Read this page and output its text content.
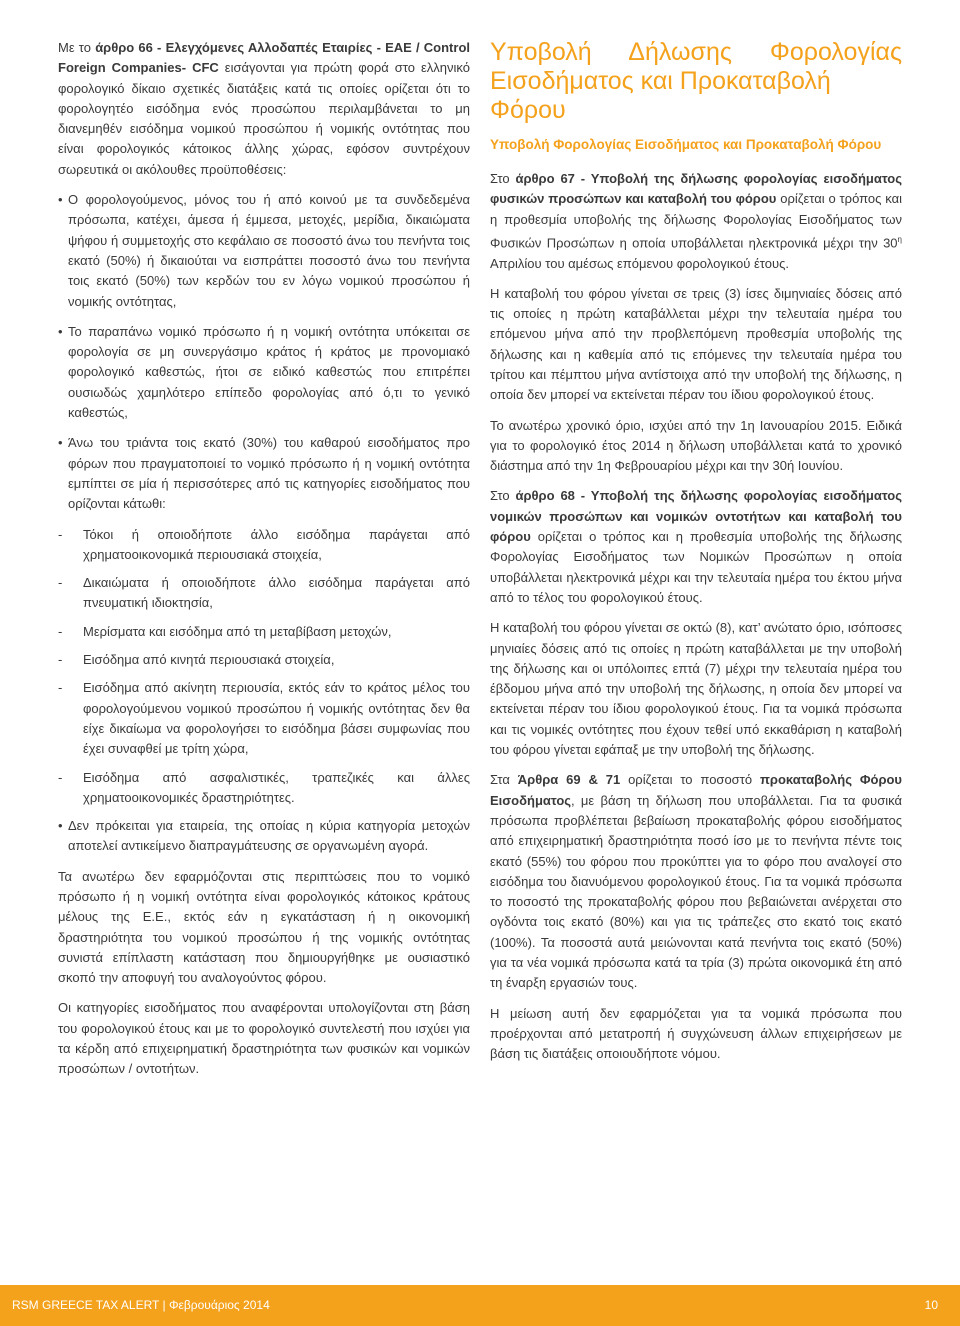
Με το άρθρο 66 - Ελεγχόμενες Αλλοδαπές Εταιρίες - ΕΑΕ / Control Foreign Companies- CFC εισάγονται για πρώτη φορά στο ελληνικό φορολογικό δίκαιο σχετικές διατάξεις κατά τις οποίες ορίζεται ότι το φορολογητέο εισόδημα ενός προσώπου περιλαμβάνεται το μη διανεμηθέν εισόδημα νομικού προσώπου ή νομικής οντότητας που είναι φορολογικός κάτοικος άλλης χώρας, εφόσον συντρέχουν σωρευτικά οι ακόλουθες προϋποθέσεις:

• Ο φορολογούμενος, μόνος του ή από κοινού με τα συνδεδεμένα πρόσωπα, κατέχει, άμεσα ή έμμεσα, μετοχές, μερίδια, δικαιώματα ψήφου ή συμμετοχής στο κεφάλαιο σε ποσοστό άνω του πενήντα τοις εκατό (50%) ή δικαιούται να εισπράττει ποσοστό άνω του πενήντα τοις εκατό (50%) των κερδών του εν λόγω νομικού προσώπου ή νομικής οντότητας,
• Το παραπάνω νομικό πρόσωπο ή η νομική οντότητα υπόκειται σε φορολογία σε μη συνεργάσιμο κράτος ή κράτος με προνομιακό φορολογικό καθεστώς, ήτοι σε ειδικό καθεστώς που επιτρέπει ουσιωδώς χαμηλότερο επίπεδο φορολογίας από ό,τι το γενικό καθεστώς,
• Άνω του τριάντα τοις εκατό (30%) του καθαρού εισοδήματος προ φόρων που πραγματοποιεί το νομικό πρόσωπο ή η νομική οντότητα εμπίπτει σε μία ή περισσότερες από τις κατηγορίες εισοδήματος που ορίζονται κάτωθι:
- Τόκοι ή οποιοδήποτε άλλο εισόδημα παράγεται από χρηματοοικονομικά περιουσιακά στοιχεία,
- Δικαιώματα ή οποιοδήποτε άλλο εισόδημα παράγεται από πνευματική ιδιοκτησία,
- Μερίσματα και εισόδημα από τη μεταβίβαση μετοχών,
- Εισόδημα από κινητά περιουσιακά στοιχεία,
- Εισόδημα από ακίνητη περιουσία, εκτός εάν το κράτος μέλος του φορολογούμενου νομικού προσώπου ή νομικής οντότητας δεν θα είχε δικαίωμα να φορολογήσει το εισόδημα βάσει συμφωνίας που έχει συναφθεί με τρίτη χώρα,
- Εισόδημα από ασφαλιστικές, τραπεζικές και άλλες χρηματοοικονομικές δραστηριότητες.
• Δεν πρόκειται για εταιρεία, της οποίας η κύρια κατηγορία μετοχών αποτελεί αντικείμενο διαπραγμάτευσης σε οργανωμένη αγορά.

Τα ανωτέρω δεν εφαρμόζονται στις περιπτώσεις που το νομικό πρόσωπο ή η νομική οντότητα είναι φορολογικός κάτοικος κράτους μέλους της Ε.Ε., εκτός εάν η εγκατάσταση ή η οικονομική δραστηριότητα του νομικού προσώπου ή της νομικής οντότητας συνιστά επίπλαστη κατάσταση που δημιουργήθηκε με ουσιαστικό σκοπό την αποφυγή του αναλογούντος φόρου.

Οι κατηγορίες εισοδήματος που αναφέρονται υπολογίζονται στη βάση του φορολογικού έτους και με το φορολογικό συντελεστή που ισχύει για τα κέρδη από επιχειρηματική δραστηριότητα των φυσικών και νομικών προσώπων / οντοτήτων.

Υποβολή Δήλωσης Φορολογίας

Εισοδήματος και Προκαταβολή Φόρου
Υποβολή Φορολογίας Εισοδήματος και Προκαταβολή Φόρου

Στο άρθρο 67 - Υποβολή της δήλωσης φορολογίας εισοδήματος φυσικών προσώπων και καταβολή του φόρου ορίζεται ο τρόπος και η προθεσμία υποβολής της δήλωσης Φορολογίας Εισοδήματος των Φυσικών Προσώπων η οποία υποβάλλεται ηλεκτρονικά μέχρι την $30^\eta$ Απριλίου του αμέσως επόμενου φορολογικού έτους.

Η καταβολή του φόρου γίνεται σε τρεις (3) ίσες διμηνιαίες δόσεις από τις οποίες η πρώτη καταβάλλεται μέχρι την τελευταία ημέρα του επόμενου μήνα από την προβλεπόμενη προθεσμία υποβολής της δήλωσης και η καθεμία από τις επόμενες την τελευταία ημέρα του τρίτου και πέμπτου μήνα αντίστοιχα από την υποβολή της δήλωσης, η οποία δεν μπορεί να εκτείνεται πέραν του ίδιου φορολογικού έτους.

Το ανωτέρω χρονικό όριο, ισχύει από την 1η Ιανουαρίου 2015. Ειδικά για το φορολογικό έτος 2014 η δήλωση υποβάλλεται κατά το χρονικό διάστημα από την 1η Φεβρουαρίου μέχρι και την 30ή Ιουνίου.

Στο άρθρο 68 - Υποβολή της δήλωσης φορολογίας εισοδήματος νομικών προσώπων και νομικών οντοτήτων και καταβολή του φόρου ορίζεται ο τρόπος και η προθεσμία υποβολής της δήλωσης Φορολογίας Εισοδήματος των Νομικών Προσώπων η οποία υποβάλλεται ηλεκτρονικά μέχρι και την τελευταία ημέρα του έκτου μήνα από το τέλος του φορολογικού έτους.

Η καταβολή του φόρου γίνεται σε οκτώ (8), κατ’ ανώτατο όριο, ισόποσες μηνιαίες δόσεις από τις οποίες η πρώτη καταβάλλεται με την υποβολή της δήλωσης και οι υπόλοιπες επτά (7) μέχρι την τελευταία ημέρα του έβδομου μήνα από την υποβολή της δήλωσης, η οποία δεν μπορεί να εκτείνεται πέραν του ίδιου φορολογικού έτους. Για τα νομικά πρόσωπα και τις νομικές οντότητες που έχουν τεθεί υπό εκκαθάριση η καταβολή του φόρου γίνεται εφάπαξ με την υποβολή της δήλωσης.

Στα Άρθρα 69 & 71 ορίζεται το ποσοστό προκαταβολής Φόρου Εισοδήματος, με βάση τη δήλωση που υποβάλλεται. Για τα φυσικά πρόσωπα προβλέπεται βεβαίωση προκαταβολής φόρου εισοδήματος από επιχειρηματική δραστηριότητα ποσό ίσο με το πενήντα πέντε τοις εκατό (55%) του φόρου που προκύπτει για το φόρο που αναλογεί στο εισόδημα του διανυόμενου φορολογικού έτους. Για τα νομικά πρόσωπα το ποσοστό της προκαταβολής φόρου που βεβαιώνεται ανέρχεται στο ογδόντα τοις εκατό (80%) και για τις τράπεζες στο εκατό τοις εκατό (100%). Τα ποσοστά αυτά μειώνονται κατά πενήντα τοις εκατό (50%) για τα νέα νομικά πρόσωπα κατά τα τρία (3) πρώτα οικονομικά έτη από τη έναρξη εργασιών τους.

Η μείωση αυτή δεν εφαρμόζεται για τα νομικά πρόσωπα που προέρχονται από μετατροπή ή συγχώνευση άλλων επιχειρήσεων με βάση τις διατάξεις οποιουδήποτε νόμου.

RSM GREECE TAX ALERT | Φεβρουάριος 2014	10
